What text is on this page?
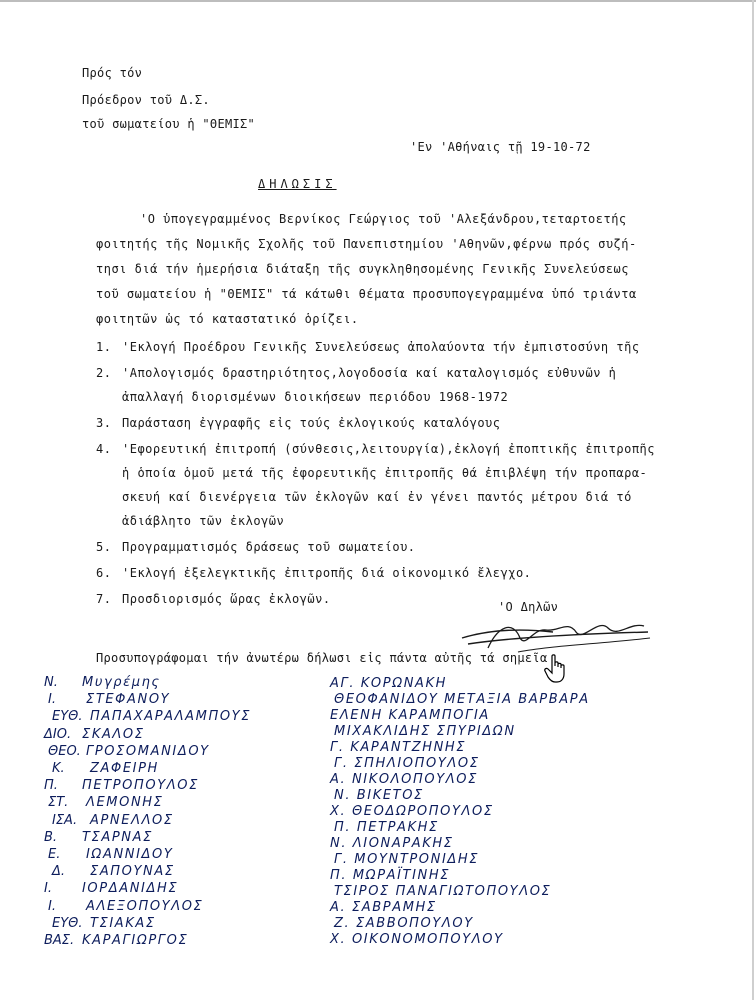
Πρός τόν
Πρόεδρον τοῦ Δ.Σ.
τοῦ σωματείου ἡ "ΘΕΜΙΣ"
'Εν 'Αθήναις τῇ 19-10-72
ΔΗΛΩΣΙΣ
'Ο ὑπογεγραμμένος Βερνίκος Γεώργιος τοῦ 'Αλεξάνδρου,τεταρτοετής
φοιτητής τῆς Νομικῆς Σχολῆς τοῦ Πανεπιστημίου 'Αθηνῶν,φέρνω πρός συζή-
τησι διά τήν ἡμερήσια διάταξη τῆς συγκληθησομένης Γενικῆς Συνελεύσεως
τοῦ σωματείου ἡ "ΘΕΜΙΣ" τά κάτωθι θέματα προσυπογεγραμμένα ὑπό τριάντα
φοιτητῶν ὡς τό καταστατικό ὁρίζει.
1. 'Εκλογή Προέδρου Γενικῆς Συνελεύσεως ἀπολαύοντα τήν ἐμπιστοσύνη τῆς
2. 'Απολογισμός δραστηριότητος,λογοδοσία καί καταλογισμός εὐθυνῶν ἡ
ἀπαλλαγή διορισμένων διοικήσεων περιόδου 1968-1972
3. Παράσταση ἐγγραφῆς εἰς τούς ἐκλογικούς καταλόγους
4. 'Εφορευτική ἐπιτροπή (σύνθεσις,λειτουργία),ἐκλογή ἐποπτικῆς ἐπιτροπῆς
ἡ ὁποία ὁμοῦ μετά τῆς ἐφορευτικῆς ἐπιτροπῆς θά ἐπιβλέψη τήν προπαρα-
σκευή καί διενέργεια τῶν ἐκλογῶν καί ἐν γένει παντός μέτρου διά τό
ἀδιάβλητο τῶν ἐκλογῶν
5. Προγραμματισμός δράσεως τοῦ σωματείου.
6. 'Εκλογή ἐξελεγκτικῆς ἐπιτροπῆς διά οἰκονομικό ἔλεγχο.
7. Προσδιορισμός ὥρας ἐκλογῶν.
'Ο Δηλῶν
Προσυπογράφομαι τήν ἀνωτέρω δήλωσι εἰς πάντα αὐτῆς τά σημεῖα
Ν. Μυγρέμης
Ι. ΣΤΕΦΑΝΟΥ
ΕΥΘ. ΠΑΠΑΧΑΡΑΛΑΜΠΟΥΣ
ΔΙΟ. ΣΚΑΛΟΣ
ΘΕΟ. ΓΡΟΣΟΜΑΝΙΔΟΥ
Κ. ΖΑΦΕΙΡΗ
Π. ΠΕΤΡΟΠΟΥΛΟΣ
ΣΤ. ΛΕΜΟΝΗΣ
ΙΣΑ. ΑΡΝΕΛΛΟΣ
Β. ΤΣΑΡΝΑΣ
Ε. ΙΩΑΝΝΙΔΟΥ
Δ. ΣΑΠΟΥΝΑΣ
Ι. ΙΟΡΔΑΝΙΔΗΣ
Ι. ΑΛΕΞΟΠΟΥΛΟΣ
ΕΥΘ. ΤΣΙΑΚΑΣ
ΒΑΣ. ΚΑΡΑΓΙΩΡΓΟΣ
ΑΓ. ΚΟΡΩΝΑΚΗ
ΘΕΟΦΑΝΙΔΟΥ ΜΕΤΑΞΙΑ ΒΑΡΒΑΡΑ
ΕΛΕΝΗ ΚΑΡΑΜΠΟΓΙΑ
ΜΙΧΑΚΛΙΔΗΣ ΣΠΥΡΙΔΩΝ
Γ. ΚΑΡΑΝΤΖΗΝΗΣ
Γ. ΣΠΗΛΙΟΠΟΥΛΟΣ
Α. ΝΙΚΟΛΟΠΟΥΛΟΣ
Ν. ΒΙΚΕΤΟΣ
Χ. ΘΕΟΔΩΡΟΠΟΥΛΟΣ
Π. ΠΕΤΡΑΚΗΣ
Ν. ΛΙΟΝΑΡΑΚΗΣ
Γ. ΜΟΥΝΤΡΟΝΙΔΗΣ
Π. ΜΩΡΑΪΤΙΝΗΣ
ΤΣΙΡΟΣ ΠΑΝΑΓΙΩΤΟΠΟΥΛΟΣ
Α. ΣΑΒΡΑΜΗΣ
Ζ. ΣΑΒΒΟΠΟΥΛΟΥ
Χ. ΟΙΚΟΝΟΜΟΠΟΥΛΟΥ
